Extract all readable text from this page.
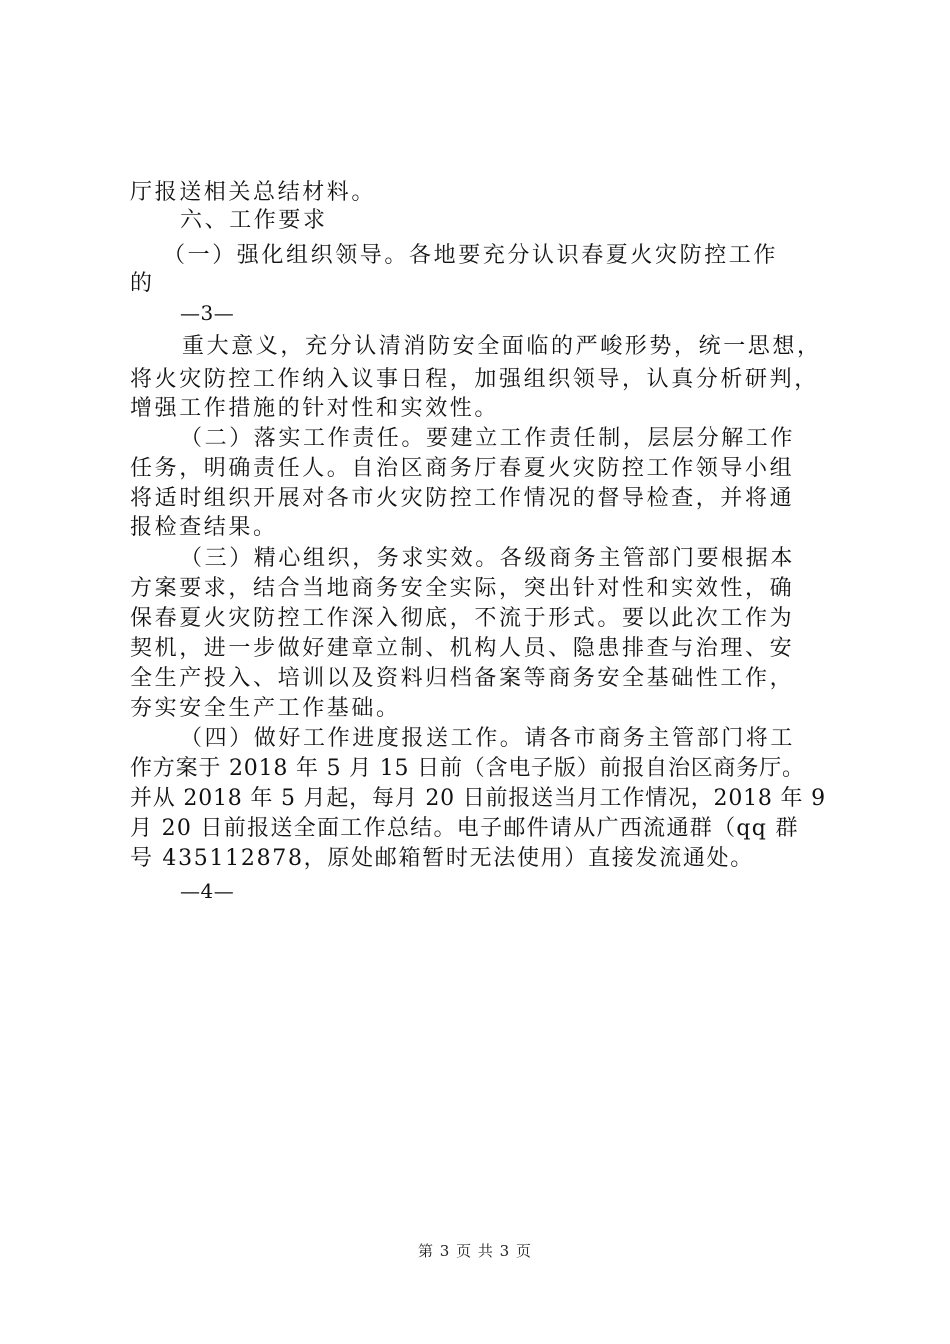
厅报送相关总结材料。
六、工作要求
（一）强化组织领导。各地要充分认识春夏火灾防控工作
的
—3—
重大意义，充分认清消防安全面临的严峻形势，统一思想，
将火灾防控工作纳入议事日程，加强组织领导，认真分析研判，
增强工作措施的针对性和实效性。
（二）落实工作责任。要建立工作责任制，层层分解工作
任务，明确责任人。自治区商务厅春夏火灾防控工作领导小组
将适时组织开展对各市火灾防控工作情况的督导检查，并将通
报检查结果。
（三）精心组织，务求实效。各级商务主管部门要根据本
方案要求，结合当地商务安全实际，突出针对性和实效性，确
保春夏火灾防控工作深入彻底，不流于形式。要以此次工作为
契机，进一步做好建章立制、机构人员、隐患排查与治理、安
全生产投入、培训以及资料归档备案等商务安全基础性工作，
夯实安全生产工作基础。
（四）做好工作进度报送工作。请各市商务主管部门将工
作方案于 2018 年 5 月 15 日前（含电子版）前报自治区商务厅。
并从 2018 年 5 月起，每月 20 日前报送当月工作情况，2018 年 9
月 20 日前报送全面工作总结。电子邮件请从广西流通群（qq 群
号 435112878，原处邮箱暂时无法使用）直接发流通处。
—4—
第 3 页 共 3 页
